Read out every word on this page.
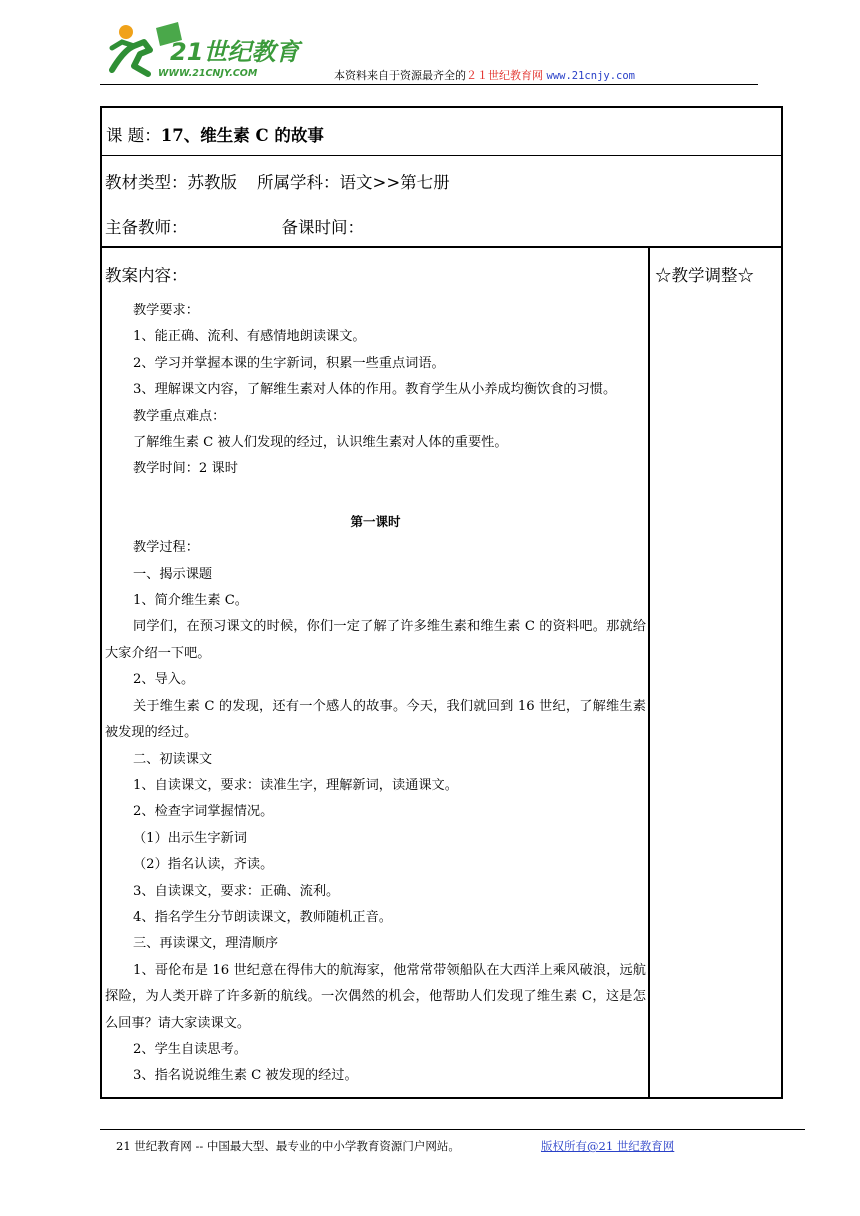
21世纪教育
WWW.21CNJY.COM	本资料来自于资源最齐全的２１世纪教育网 www.21cnjy.com
课 题：17、维生素 C 的故事
教材类型：苏教版 所属学科：语文>>第七册
主备教师：	备课时间：
☆教学调整☆
教案内容：

教学要求：

1、能正确、流利、有感情地朗读课文。

2、学习并掌握本课的生字新词，积累一些重点词语。

3、理解课文内容，了解维生素对人体的作用。教育学生从小养成均衡饮食的习惯。

教学重点难点：

了解维生素 C 被人们发现的经过，认识维生素对人体的重要性。

教学时间：2 课时

第一课时

教学过程：

一、揭示课题

1、简介维生素 C。

同学们，在预习课文的时候，你们一定了解了许多维生素和维生素 C 的资料吧。那就给大家介绍一下吧。

2、导入。

关于维生素 C 的发现，还有一个感人的故事。今天，我们就回到 16 世纪，了解维生素被发现的经过。

二、初读课文

1、自读课文，要求：读准生字，理解新词，读通课文。

2、检查字词掌握情况。

（1）出示生字新词

（2）指名认读，齐读。

3、自读课文，要求：正确、流利。

4、指名学生分节朗读课文，教师随机正音。

三、再读课文，理清顺序

1、哥伦布是 16 世纪意在得伟大的航海家，他常常带领船队在大西洋上乘风破浪，远航探险，为人类开辟了许多新的航线。一次偶然的机会，他帮助人们发现了维生素 C，这是怎么回事？请大家读课文。

2、学生自读思考。

3、指名说说维生素 C 被发现的经过。

21 世纪教育网 -- 中国最大型、最专业的中小学教育资源门户网站。	版权所有@21 世纪教育网
